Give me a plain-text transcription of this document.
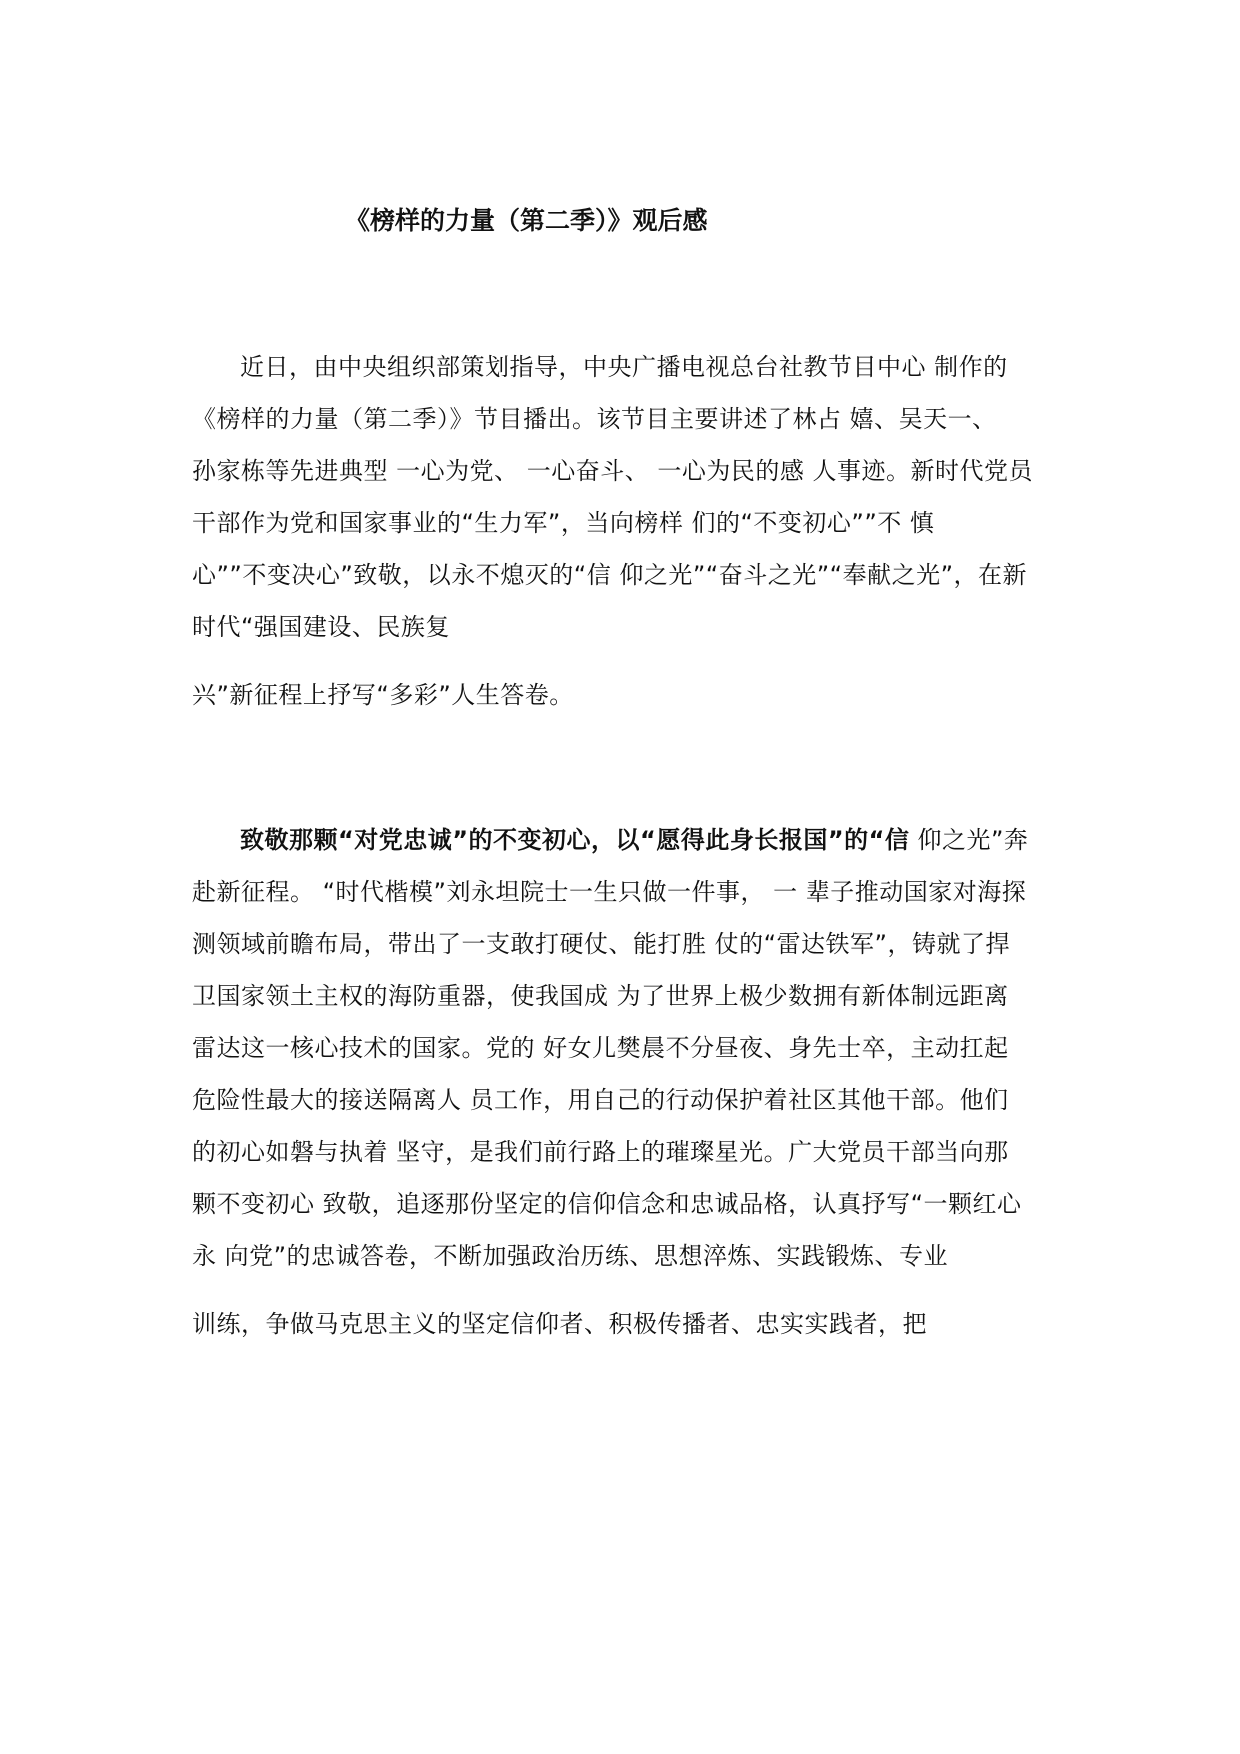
《榜样的力量（第二季）》观后感

近日，由中央组织部策划指导，中央广播电视总台社教节目中心 制作的

《榜样的力量（第二季）》节目播出。该节目主要讲述了林占 嬉、吴天一、

孙家栋等先进典型 一心为党、 一心奋斗、 一心为民的感 人事迹。新时代党员

干部作为党和国家事业的“生力军”，当向榜样 们的“不变初心””不 慎

心””不变决心”致敬，以永不熄灭的“信 仰之光”“奋斗之光”“奉献之光”，在新

时代“强国建设、民族复

兴”新征程上抒写“多彩”人生答卷。

致敬那颗“对党忠诚”的不变初心，以“愿得此身长报国”的“信 仰之光”奔

赴新征程。 “时代楷模”刘永坦院士一生只做一件事， 一 辈子推动国家对海探

测领域前瞻布局，带出了一支敢打硬仗、能打胜 仗的“雷达铁军”，铸就了捍

卫国家领土主权的海防重器，使我国成 为了世界上极少数拥有新体制远距离

雷达这一核心技术的国家。党的 好女儿樊晨不分昼夜、身先士卒，主动扛起

危险性最大的接送隔离人 员工作，用自己的行动保护着社区其他干部。他们

的初心如磐与执着 坚守，是我们前行路上的璀璨星光。广大党员干部当向那

颗不变初心 致敬，追逐那份坚定的信仰信念和忠诚品格，认真抒写“一颗红心

永 向党”的忠诚答卷，不断加强政治历练、思想淬炼、实践锻炼、专业

训练，争做马克思主义的坚定信仰者、积极传播者、忠实实践者，把
